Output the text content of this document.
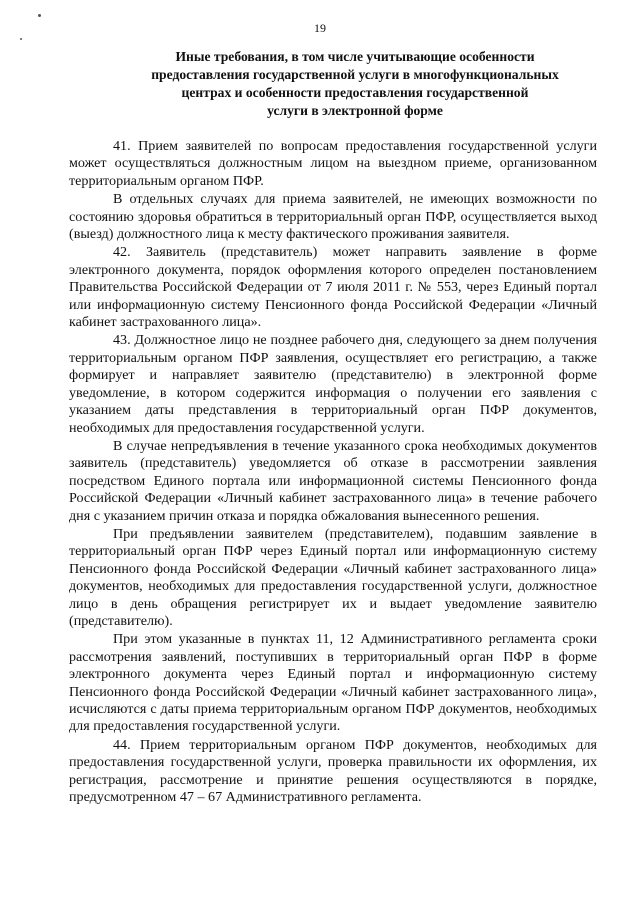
19
Иные требования, в том числе учитывающие особенности
предоставления государственной услуги в многофункциональных
центрах и особенности предоставления государственной
услуги в электронной форме

41. Прием заявителей по вопросам предоставления государственной услуги может осуществляться должностным лицом на выездном приеме, организованном территориальным органом ПФР.

В отдельных случаях для приема заявителей, не имеющих возможности по состоянию здоровья обратиться в территориальный орган ПФР, осуществляется выход (выезд) должностного лица к месту фактического проживания заявителя.

42. Заявитель (представитель) может направить заявление в форме электронного документа, порядок оформления которого определен постановлением Правительства Российской Федерации от 7 июля 2011 г. № 553, через Единый портал или информационную систему Пенсионного фонда Российской Федерации «Личный кабинет застрахованного лица».

43. Должностное лицо не позднее рабочего дня, следующего за днем получения территориальным органом ПФР заявления, осуществляет его регистрацию, а также формирует и направляет заявителю (представителю) в электронной форме уведомление, в котором содержится информация о получении его заявления с указанием даты представления в территориальный орган ПФР документов, необходимых для предоставления государственной услуги.

В случае непредъявления в течение указанного срока необходимых документов заявитель (представитель) уведомляется об отказе в рассмотрении заявления посредством Единого портала или информационной системы Пенсионного фонда Российской Федерации «Личный кабинет застрахованного лица» в течение рабочего дня с указанием причин отказа и порядка обжалования вынесенного решения.

При предъявлении заявителем (представителем), подавшим заявление в территориальный орган ПФР через Единый портал или информационную систему Пенсионного фонда Российской Федерации «Личный кабинет застрахованного лица» документов, необходимых для предоставления государственной услуги, должностное лицо в день обращения регистрирует их и выдает уведомление заявителю (представителю).

При этом указанные в пунктах 11, 12 Административного регламента сроки рассмотрения заявлений, поступивших в территориальный орган ПФР в форме электронного документа через Единый портал и информационную систему Пенсионного фонда Российской Федерации «Личный кабинет застрахованного лица», исчисляются с даты приема территориальным органом ПФР документов, необходимых для предоставления государственной услуги.

44. Прием территориальным органом ПФР документов, необходимых для предоставления государственной услуги, проверка правильности их оформления, их регистрация, рассмотрение и принятие решения осуществляются в порядке, предусмотренном 47 – 67 Административного регламента.
